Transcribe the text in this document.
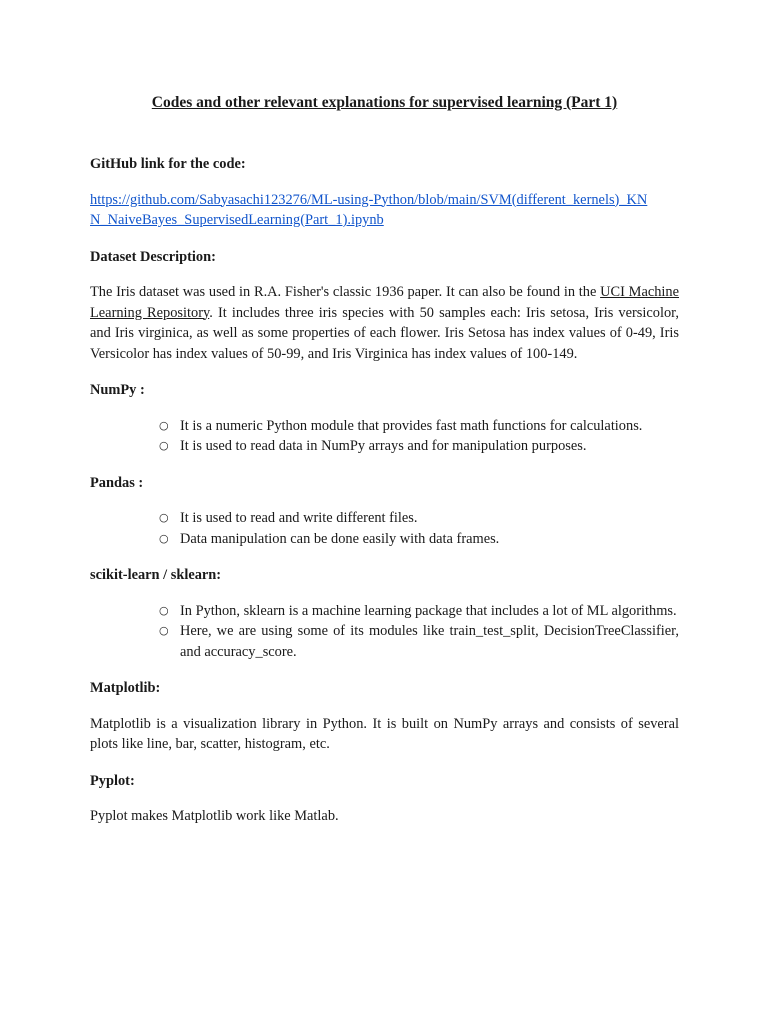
Codes and other relevant explanations for supervised learning (Part 1)
GitHub link for the code:

https://github.com/Sabyasachi123276/ML-using-Python/blob/main/SVM(different_kernels)_KN
N_NaiveBayes_SupervisedLearning(Part_1).ipynb

Dataset Description:

The Iris dataset was used in R.A. Fisher's classic 1936 paper. It can also be found in the UCI Machine Learning Repository. It includes three iris species with 50 samples each: Iris setosa, Iris versicolor, and Iris virginica, as well as some properties of each flower. Iris Setosa has index values of 0-49, Iris Versicolor has index values of 50-99, and Iris Virginica has index values of 100-149.

NumPy :
○ It is a numeric Python module that provides fast math functions for calculations.
○ It is used to read data in NumPy arrays and for manipulation purposes.
Pandas :
○ It is used to read and write different files.
○ Data manipulation can be done easily with data frames.
scikit-learn / sklearn:
○ In Python, sklearn is a machine learning package that includes a lot of ML algorithms.
○ Here, we are using some of its modules like train_test_split, DecisionTreeClassifier, and accuracy_score.
Matplotlib:

Matplotlib is a visualization library in Python. It is built on NumPy arrays and consists of several plots like line, bar, scatter, histogram, etc.

Pyplot:

Pyplot makes Matplotlib work like Matlab.
